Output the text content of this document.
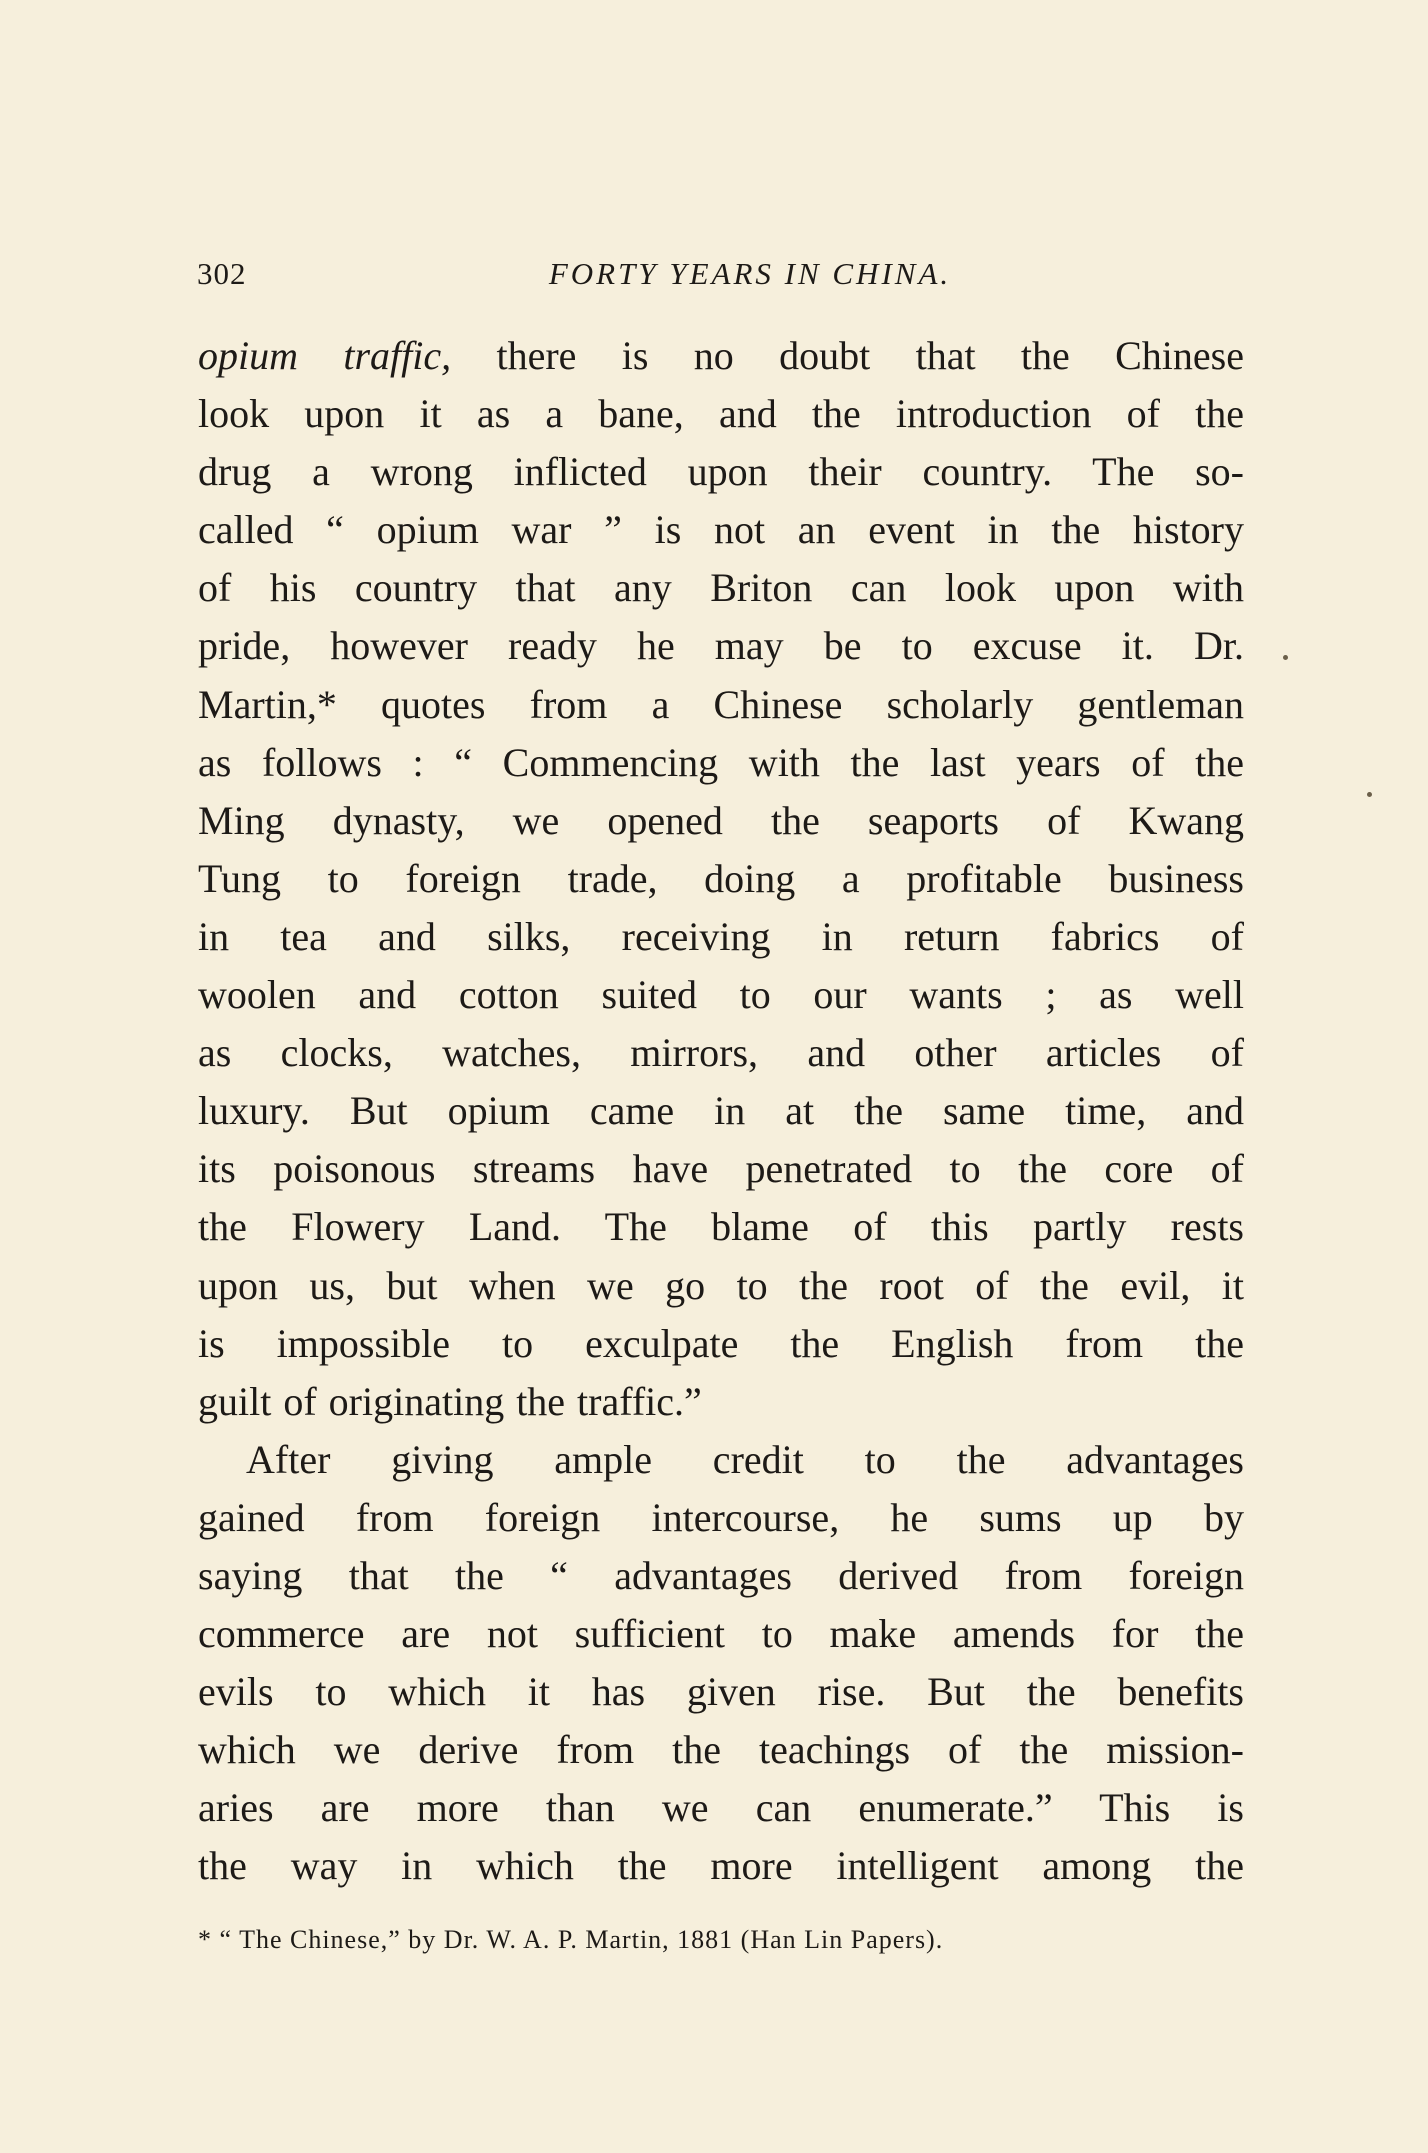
302	FORTY YEARS IN CHINA.
opium traffic, there is no doubt that the Chinese
look upon it as a bane, and the introduction of the
drug a wrong inflicted upon their country. The so-
called “ opium war ” is not an event in the history
of his country that any Briton can look upon with
pride, however ready he may be to excuse it. Dr.
Martin,* quotes from a Chinese scholarly gentleman
as follows : “ Commencing with the last years of the
Ming dynasty, we opened the seaports of Kwang
Tung to foreign trade, doing a profitable business
in tea and silks, receiving in return fabrics of
woolen and cotton suited to our wants ; as well
as clocks, watches, mirrors, and other articles of
luxury. But opium came in at the same time, and
its poisonous streams have penetrated to the core of
the Flowery Land. The blame of this partly rests
upon us, but when we go to the root of the evil, it
is impossible to exculpate the English from the
guilt of originating the traffic.”
After giving ample credit to the advantages
gained from foreign intercourse, he sums up by
saying that the “ advantages derived from foreign
commerce are not sufficient to make amends for the
evils to which it has given rise. But the benefits
which we derive from the teachings of the mission-
aries are more than we can enumerate.” This is
the way in which the more intelligent among the
* “ The Chinese,” by Dr. W. A. P. Martin, 1881 (Han Lin Papers).
